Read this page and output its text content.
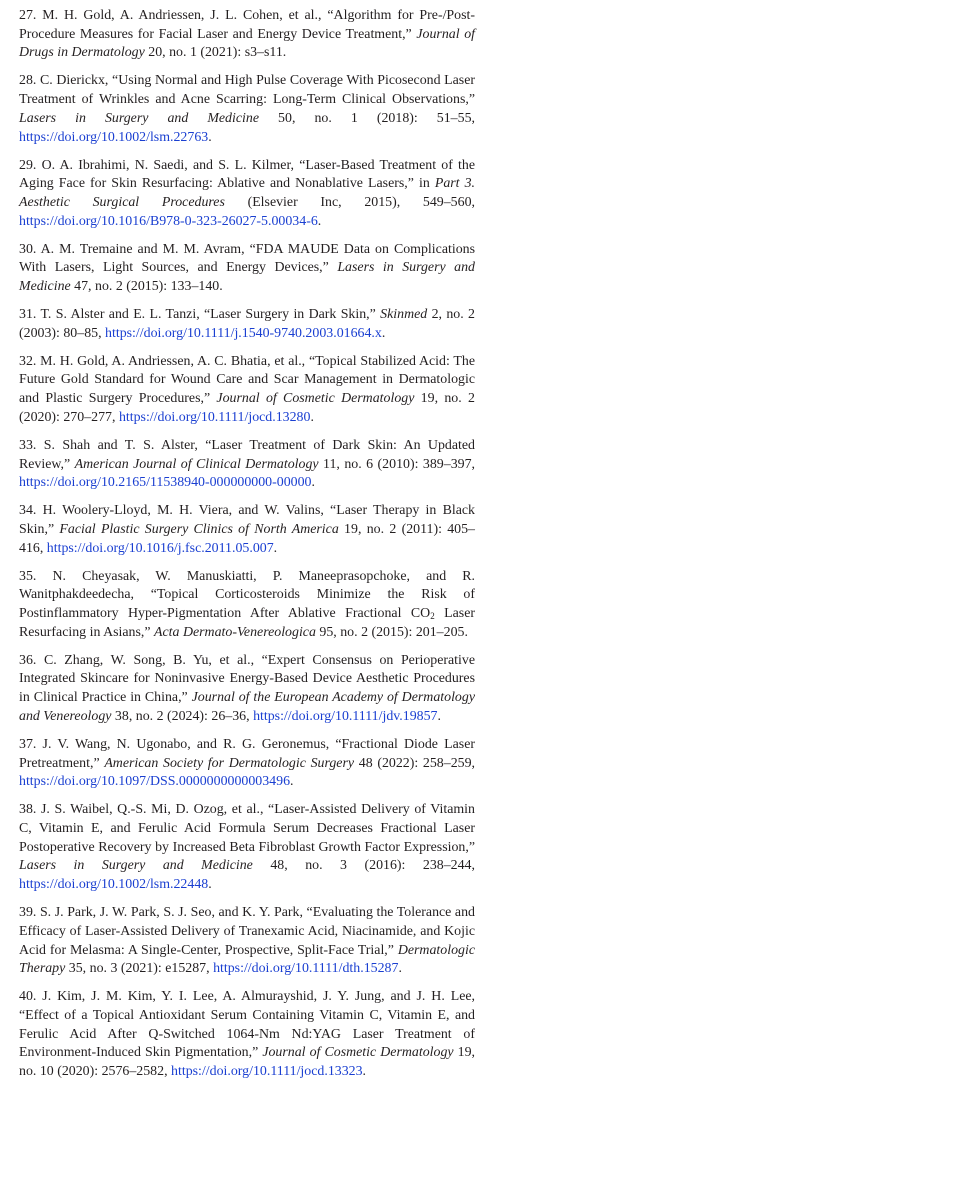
27. M. H. Gold, A. Andriessen, J. L. Cohen, et al., “Algorithm for Pre-/Post-Procedure Measures for Facial Laser and Energy Device Treatment,” Journal of Drugs in Dermatology 20, no. 1 (2021): s3–s11.

28. C. Dierickx, “Using Normal and High Pulse Coverage With Picosecond Laser Treatment of Wrinkles and Acne Scarring: Long-Term Clinical Observations,” Lasers in Surgery and Medicine 50, no. 1 (2018): 51–55, https://doi.org/10.1002/lsm.22763.

29. O. A. Ibrahimi, N. Saedi, and S. L. Kilmer, “Laser-Based Treatment of the Aging Face for Skin Resurfacing: Ablative and Nonablative Lasers,” in Part 3. Aesthetic Surgical Procedures (Elsevier Inc, 2015), 549–560, https://doi.org/10.1016/B978-0-323-26027-5.00034-6.

30. A. M. Tremaine and M. M. Avram, “FDA MAUDE Data on Complications With Lasers, Light Sources, and Energy Devices,” Lasers in Surgery and Medicine 47, no. 2 (2015): 133–140.

31. T. S. Alster and E. L. Tanzi, “Laser Surgery in Dark Skin,” Skinmed 2, no. 2 (2003): 80–85, https://doi.org/10.1111/j.1540-9740.2003.01664.x.

32. M. H. Gold, A. Andriessen, A. C. Bhatia, et al., “Topical Stabilized Acid: The Future Gold Standard for Wound Care and Scar Management in Dermatologic and Plastic Surgery Procedures,” Journal of Cosmetic Dermatology 19, no. 2 (2020): 270–277, https://doi.org/10.1111/jocd.13280.

33. S. Shah and T. S. Alster, “Laser Treatment of Dark Skin: An Updated Review,” American Journal of Clinical Dermatology 11, no. 6 (2010): 389–397, https://doi.org/10.2165/11538940-000000000-00000.

34. H. Woolery-Lloyd, M. H. Viera, and W. Valins, “Laser Therapy in Black Skin,” Facial Plastic Surgery Clinics of North America 19, no. 2 (2011): 405–416, https://doi.org/10.1016/j.fsc.2011.05.007.

35. N. Cheyasak, W. Manuskiatti, P. Maneeprasopchoke, and R. Wanitphakdeedecha, “Topical Corticosteroids Minimize the Risk of Postinflammatory Hyper-Pigmentation After Ablative Fractional $CO_2$ Laser Resurfacing in Asians,” Acta Dermato-Venereologica 95, no. 2 (2015): 201–205.

36. C. Zhang, W. Song, B. Yu, et al., “Expert Consensus on Perioperative Integrated Skincare for Noninvasive Energy-Based Device Aesthetic Procedures in Clinical Practice in China,” Journal of the European Academy of Dermatology and Venereology 38, no. 2 (2024): 26–36, https://doi.org/10.1111/jdv.19857.

37. J. V. Wang, N. Ugonabo, and R. G. Geronemus, “Fractional Diode Laser Pretreatment,” American Society for Dermatologic Surgery 48 (2022): 258–259, https://doi.org/10.1097/DSS.0000000000003496.

38. J. S. Waibel, Q.-S. Mi, D. Ozog, et al., “Laser-Assisted Delivery of Vitamin C, Vitamin E, and Ferulic Acid Formula Serum Decreases Fractional Laser Postoperative Recovery by Increased Beta Fibroblast Growth Factor Expression,” Lasers in Surgery and Medicine 48, no. 3 (2016): 238–244, https://doi.org/10.1002/lsm.22448.

39. S. J. Park, J. W. Park, S. J. Seo, and K. Y. Park, “Evaluating the Tolerance and Efficacy of Laser-Assisted Delivery of Tranexamic Acid, Niacinamide, and Kojic Acid for Melasma: A Single-Center, Prospective, Split-Face Trial,” Dermatologic Therapy 35, no. 3 (2021): e15287, https://doi.org/10.1111/dth.15287.

40. J. Kim, J. M. Kim, Y. I. Lee, A. Almurayshid, J. Y. Jung, and J. H. Lee, “Effect of a Topical Antioxidant Serum Containing Vitamin C, Vitamin E, and Ferulic Acid After Q-Switched 1064-Nm Nd:YAG Laser Treatment of Environment-Induced Skin Pigmentation,” Journal of Cosmetic Dermatology 19, no. 10 (2020): 2576–2582, https://doi.org/10.1111/jocd.13323.
